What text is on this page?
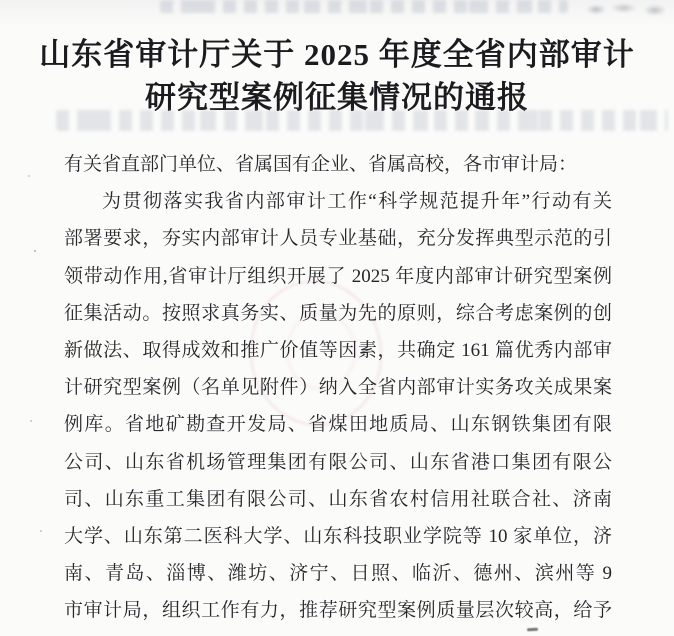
山东省审计厅关于 2025 年度全省内部审计
研究型案例征集情况的通报
有关省直部门单位、省属国有企业、省属高校，各市审计局：
为贯彻落实我省内部审计工作“科学规范提升年”行动有关
部署要求，夯实内部审计人员专业基础，充分发挥典型示范的引
领带动作用,省审计厅组织开展了 2025 年度内部审计研究型案例
征集活动。按照求真务实、质量为先的原则，综合考虑案例的创
新做法、取得成效和推广价值等因素，共确定 161 篇优秀内部审
计研究型案例（名单见附件）纳入全省内部审计实务攻关成果案
例库。省地矿勘查开发局、省煤田地质局、山东钢铁集团有限
公司、山东省机场管理集团有限公司、山东省港口集团有限公
司、山东重工集团有限公司、山东省农村信用社联合社、济南
大学、山东第二医科大学、山东科技职业学院等 10 家单位，济
南、青岛、淄博、潍坊、济宁、日照、临沂、德州、滨州等 9
市审计局，组织工作有力，推荐研究型案例质量层次较高，给予
